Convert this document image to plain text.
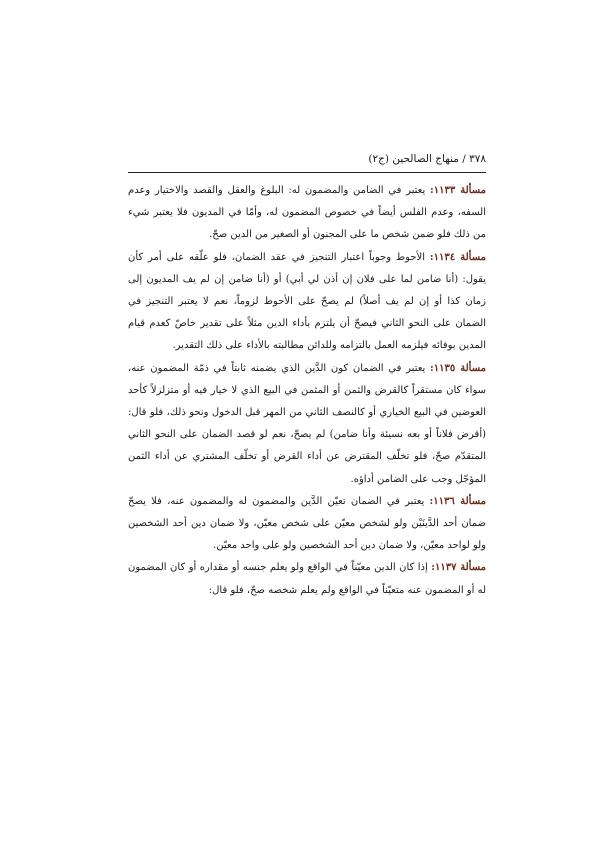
٣٧٨ / منهاج الصالحين (ج٢)

مسألة ١١٣٣: يعتبر في الضامن والمضمون له: البلوغ والعقل والقصد والاختيار وعدم السفه، وعدم الفلس أيضاً في خصوص المضمون له، وأمّا في المديون فلا يعتبر شيء من ذلك فلو ضمن شخص ما على المجنون أو الصغير من الدين صحّ.

مسألة ١١٣٤: الأحوط وجوباً اعتبار التنجيز في عقد الضمان، فلو علّقه على أمر كأن يقول: (أنا ضامن لما على فلان إن أذن لي أبي) أو (أنا ضامن إن لم يف المديون إلى زمان كذا أو إن لم يف أصلاً) لم يصحّ على الأحوط لزوماً، نعم لا يعتبر التنجيز في الضمان على النحو الثاني فيصحّ أن يلتزم بأداء الدين مثلاً على تقدير خاصّ كعدم قيام المدين بوفائه فيلزمه العمل بالتزامه وللدائن مطالبته بالأداء على ذلك التقدير.

مسألة ١١٣٥: يعتبر في الضمان كون الدَّين الذي يضمنه ثابتاً في ذمّة المضمون عنه، سواء كان مستقراً كالقرض والثمن أو المثمن في البيع الذي لا خيار فيه أو متزلزلاً كأحد العوضين في البيع الخياري أو كالنصف الثاني من المهر قبل الدخول ونحو ذلك، فلو قال: (أقرض فلاناً أو بعه نسيئة وأنا ضامن) لم يصحّ، نعم لو قصد الضمان على النحو الثاني المتقدّم صحّ، فلو تخلّف المقترض عن أداء القرض أو تخلّف المشتري عن أداء الثمن المؤجّل وجب على الضامن أداؤه.

مسألة ١١٣٦: يعتبر في الضمان تعيّن الدَّين والمضمون له والمضمون عنه، فلا يصحّ ضمان أحد الدَّينَيْن ولو لشخص معيّن على شخص معيّن، ولا ضمان دين أحد الشخصين ولو لواحد معيّن، ولا ضمان دين أحد الشخصين ولو على واحد معيّن.

مسألة ١١٣٧: إذا كان الدين معيّناً في الواقع ولو يعلم جنسه أو مقداره أو كان المضمون له أو المضمون عنه متعيّناً في الواقع ولم يعلم شخصه صحّ، فلو قال:
